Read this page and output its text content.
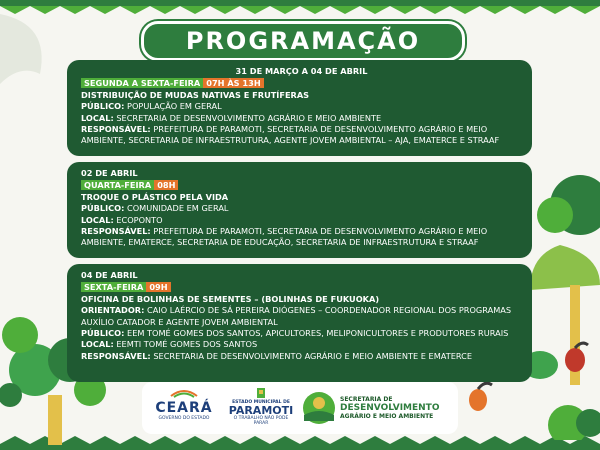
PROGRAMAÇÃO
31 DE MARÇO A 04 DE ABRIL
SEGUNDA A SEXTA-FEIRA 07H ÀS 13H
DISTRIBUIÇÃO DE MUDAS NATIVAS E FRUTÍFERAS
PÚBLICO: POPULAÇÃO EM GERAL
LOCAL: SECRETARIA DE DESENVOLVIMENTO AGRÁRIO E MEIO AMBIENTE
RESPONSÁVEL: PREFEITURA DE PARAMOTI, SECRETARIA DE DESENVOLVIMENTO AGRÁRIO E MEIO AMBIENTE, SECRETARIA DE INFRAESTRUTURA, AGENTE JOVEM AMBIENTAL – AJA, EMATERCE E STRAAF
02 DE ABRIL
QUARTA-FEIRA 08H
TROQUE O PLÁSTICO PELA VIDA
PÚBLICO: COMUNIDADE EM GERAL
LOCAL: ECOPONTO
RESPONSÁVEL: PREFEITURA DE PARAMOTI, SECRETARIA DE DESENVOLVIMENTO AGRÁRIO E MEIO AMBIENTE, EMATERCE, SECRETARIA DE EDUCAÇÃO, SECRETARIA DE INFRAESTRUTURA E STRAAF
04 DE ABRIL
SEXTA-FEIRA 09H
OFICINA DE BOLINHAS DE SEMENTES – (BOLINHAS DE FUKUOKA)
ORIENTADOR: CAIO LAÉRCIO DE SÁ PEREIRA DIÓGENES – COORDENADOR REGIONAL DOS PROGRAMAS AUXÍLIO CATADOR E AGENTE JOVEM AMBIENTAL
PÚBLICO: EEM TOMÉ GOMES DOS SANTOS, APICULTORES, MELIPONICULTORES E PRODUTORES RURAIS
LOCAL: EEMTI TOMÉ GOMES DOS SANTOS
RESPONSÁVEL: SECRETARIA DE DESENVOLVIMENTO AGRÁRIO E MEIO AMBIENTE E EMATERCE
CEARÁ
GOVERNO DO ESTADO
ESTADO MUNICIPAL DE
PARAMOTI
O TRABALHO NÃO PODE PARAR
SECRETARIA DE
DESENVOLVIMENTO
AGRÁRIO E MEIO AMBIENTE
